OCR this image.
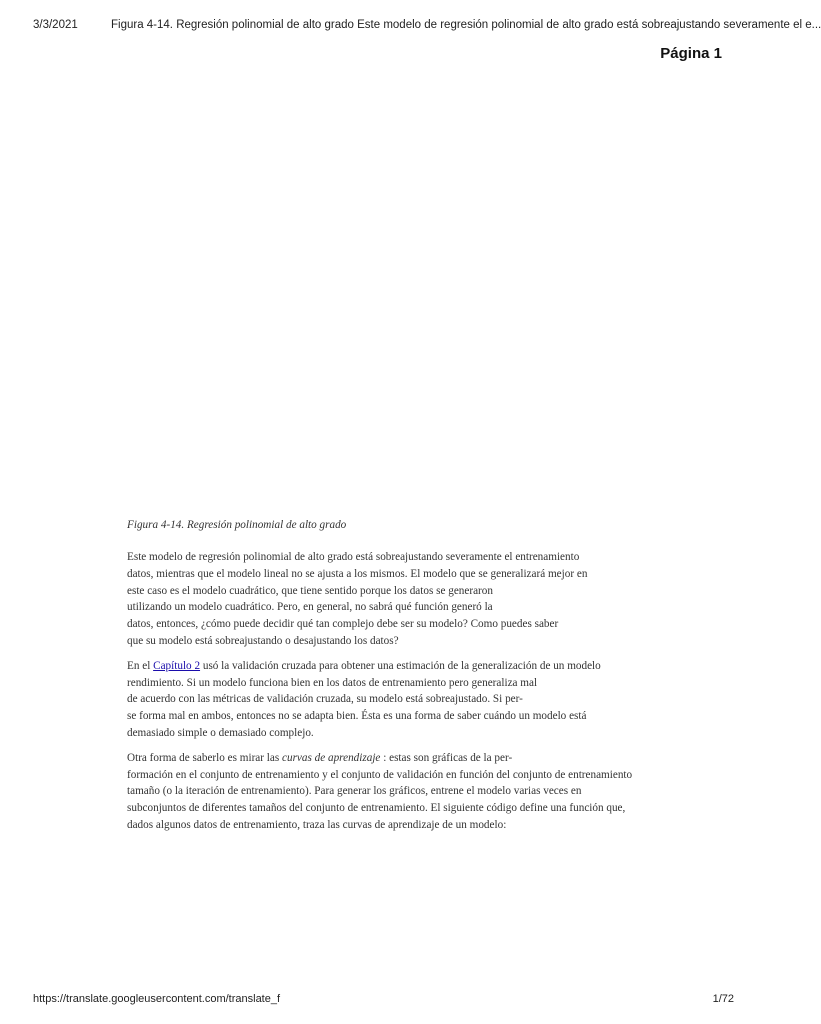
3/3/2021	Figura 4-14. Regresión polinomial de alto grado Este modelo de regresión polinomial de alto grado está sobreajustando severamente el e...
Página 1

Figura 4-14. Regresión polinomial de alto grado

Este modelo de regresión polinomial de alto grado está sobreajustando severamente el entrenamiento
datos, mientras que el modelo lineal no se ajusta a los mismos. El modelo que se generalizará mejor en
este caso es el modelo cuadrático, que tiene sentido porque los datos se generaron
utilizando un modelo cuadrático. Pero, en general, no sabrá qué función generó la
datos, entonces, ¿cómo puede decidir qué tan complejo debe ser su modelo? Como puedes saber
que su modelo está sobreajustando o desajustando los datos?
En el Capítulo 2 usó la validación cruzada para obtener una estimación de la generalización de un modelo
rendimiento. Si un modelo funciona bien en los datos de entrenamiento pero generaliza mal
de acuerdo con las métricas de validación cruzada, su modelo está sobreajustado. Si per-
se forma mal en ambos, entonces no se adapta bien. Ésta es una forma de saber cuándo un modelo está
demasiado simple o demasiado complejo.
Otra forma de saberlo es mirar las curvas de aprendizaje : estas son gráficas de la per-
formación en el conjunto de entrenamiento y el conjunto de validación en función del conjunto de entrenamiento
tamaño (o la iteración de entrenamiento). Para generar los gráficos, entrene el modelo varias veces en
subconjuntos de diferentes tamaños del conjunto de entrenamiento. El siguiente código define una función que,
dados algunos datos de entrenamiento, traza las curvas de aprendizaje de un modelo:
https://translate.googleusercontent.com/translate_f	1/72
